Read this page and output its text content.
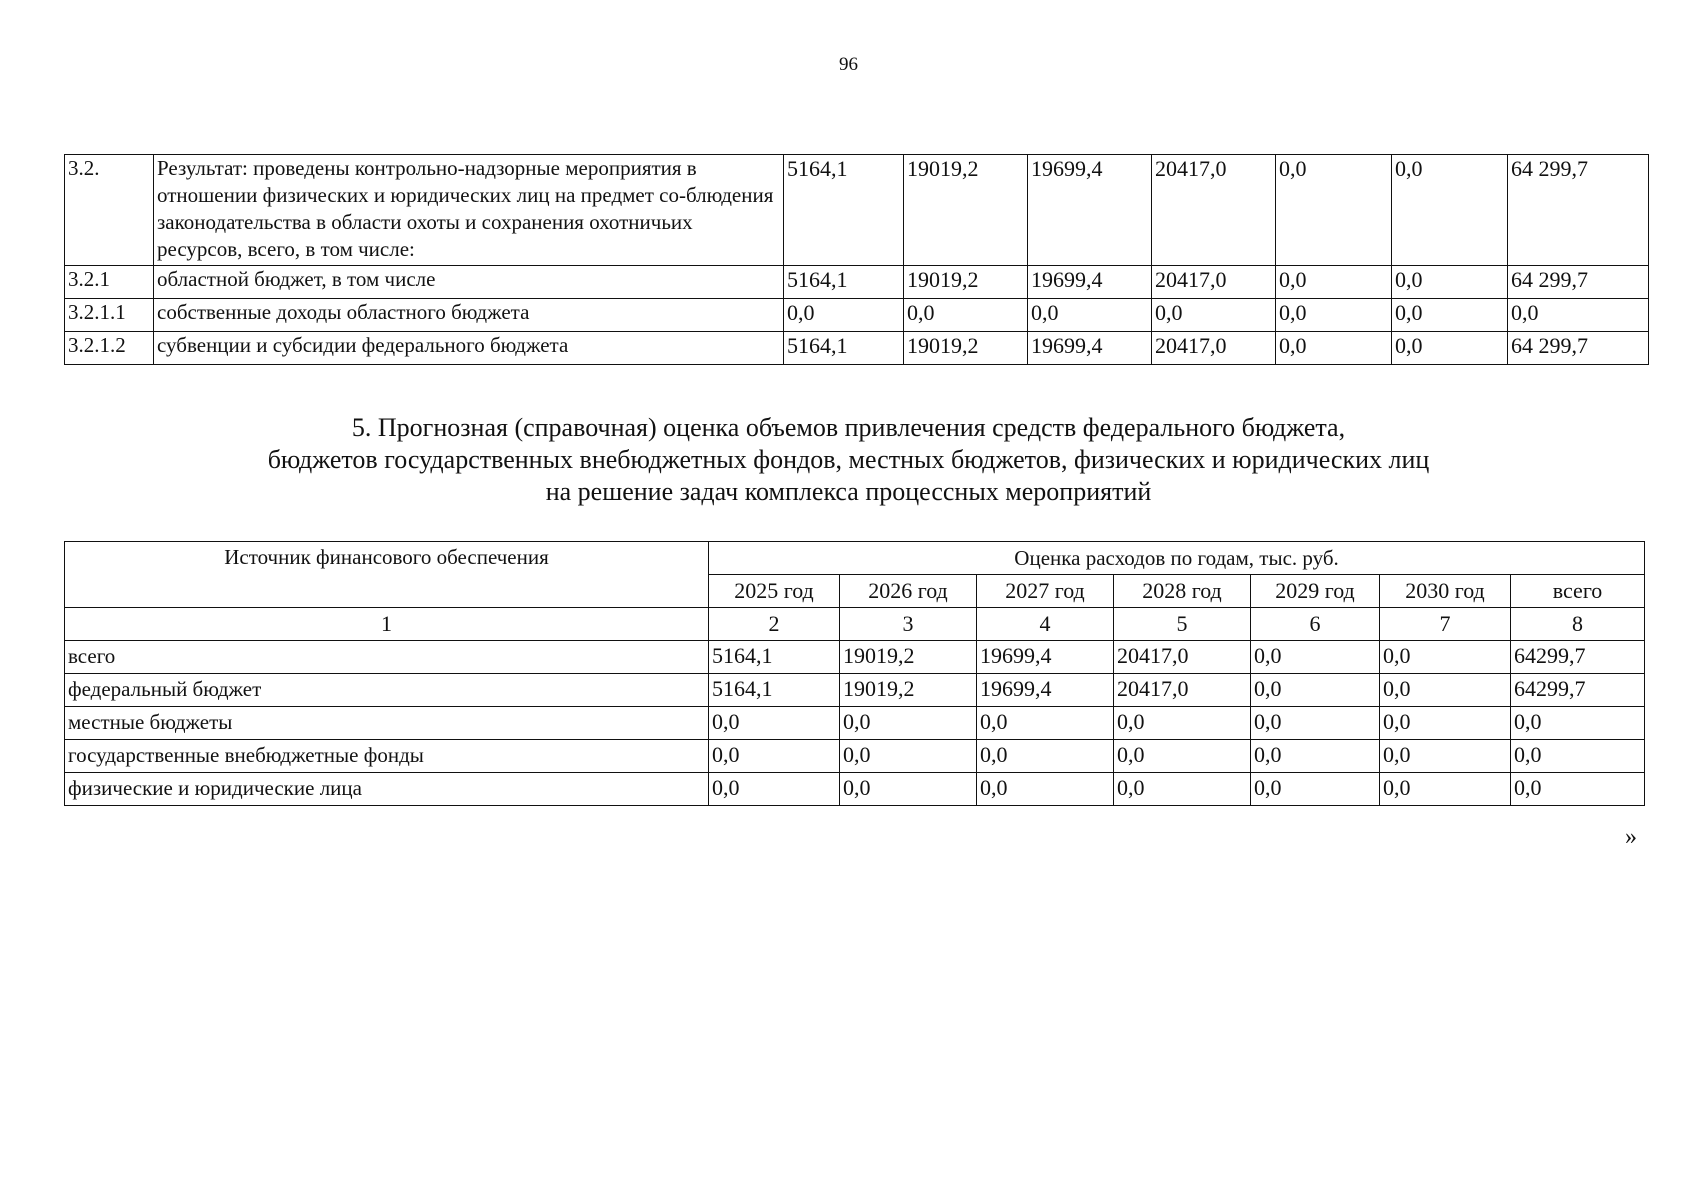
96
3.2.	Результат: проведены контрольно-надзорные мероприятия в отношении физических и юридических лиц на предмет со-блюдения законодательства в области охоты и сохранения охотничьих ресурсов, всего, в том числе:	5164,1	19019,2	19699,4	20417,0	0,0	0,0	64 299,7
3.2.1	областной бюджет, в том числе	5164,1	19019,2	19699,4	20417,0	0,0	0,0	64 299,7
3.2.1.1	собственные доходы областного бюджета	0,0	0,0	0,0	0,0	0,0	0,0	0,0
3.2.1.2	субвенции и субсидии федерального бюджета	5164,1	19019,2	19699,4	20417,0	0,0	0,0	64 299,7
5. Прогнозная (справочная) оценка объемов привлечения средств федерального бюджета,
бюджетов государственных внебюджетных фондов, местных бюджетов, физических и юридических лиц
на решение задач комплекса процессных мероприятий
Источник финансового обеспечения	Оценка расходов по годам, тыс. руб.						
	2025 год	2026 год	2027 год	2028 год	2029 год	2030 год	всего
1	2	3	4	5	6	7	8
всего	5164,1	19019,2	19699,4	20417,0	0,0	0,0	64299,7
федеральный бюджет	5164,1	19019,2	19699,4	20417,0	0,0	0,0	64299,7
местные бюджеты	0,0	0,0	0,0	0,0	0,0	0,0	0,0
государственные внебюджетные фонды	0,0	0,0	0,0	0,0	0,0	0,0	0,0
физические и юридические лица	0,0	0,0	0,0	0,0	0,0	0,0	0,0
»
